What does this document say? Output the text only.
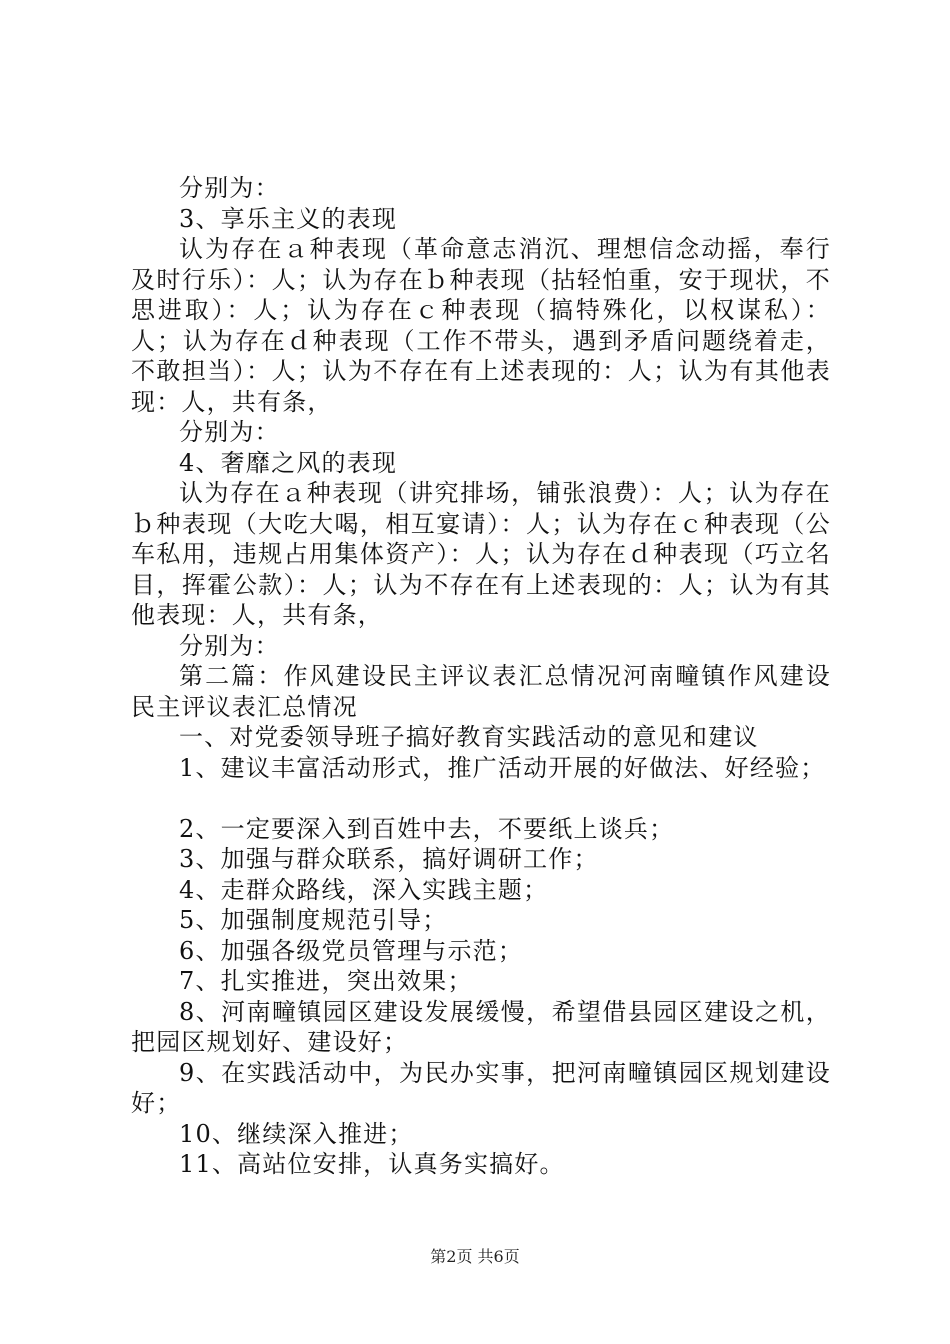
分别为：

3、享乐主义的表现

认为存在ａ种表现（革命意志消沉、理想信念动摇，奉行及时行乐）：人；认为存在ｂ种表现（拈轻怕重，安于现状，不思进取）：人；认为存在ｃ种表现（搞特殊化，以权谋私）：人；认为存在ｄ种表现（工作不带头，遇到矛盾问题绕着走，不敢担当）：人；认为不存在有上述表现的：人；认为有其他表现：人，共有条，

分别为：

4、奢靡之风的表现

认为存在ａ种表现（讲究排场，铺张浪费）：人；认为存在ｂ种表现（大吃大喝，相互宴请）：人；认为存在ｃ种表现（公车私用，违规占用集体资产）：人；认为存在ｄ种表现（巧立名目，挥霍公款）：人；认为不存在有上述表现的：人；认为有其他表现：人，共有条，

分别为：

第二篇：作风建设民主评议表汇总情况河南疃镇作风建设民主评议表汇总情况

一、对党委领导班子搞好教育实践活动的意见和建议

1、建议丰富活动形式，推广活动开展的好做法、好经验；

2、一定要深入到百姓中去，不要纸上谈兵；

3、加强与群众联系，搞好调研工作；

4、走群众路线，深入实践主题；

5、加强制度规范引导；

6、加强各级党员管理与示范；

7、扎实推进，突出效果；

8、河南疃镇园区建设发展缓慢，希望借县园区建设之机，把园区规划好、建设好；

9、在实践活动中，为民办实事，把河南疃镇园区规划建设好；

10、继续深入推进；

11、高站位安排，认真务实搞好。

第2页 共6页
